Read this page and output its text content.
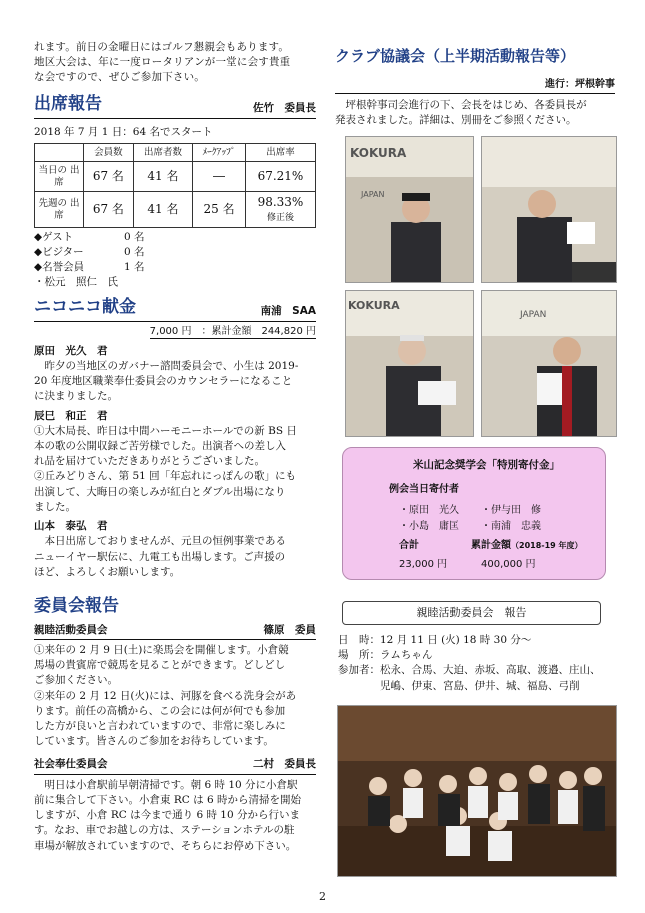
れます。前日の金曜日にはゴルフ懇親会もあります。

地区大会は、年に一度ロータリアンが一堂に会す貴重

な会ですので、ぜひご参加下さい。

出席報告	佐竹　委員長
2018 年 7 月 1 日：64 名でスタート
	会員数	出席者数	ﾒｰｸｱｯﾌﾟ	出席率
当日の 出席	67 名	41 名	―	67.21%
先週の 出席	67 名	41 名	25 名	98.33%
修正後
◆ゲスト	0 名
◆ビジター	0 名
◆名誉会員	1 名
・松元　照仁　氏
ニコニコ献金	南浦　SAA
7,000 円　：累計金額　244,820 円
原田　光久　君
昨夕の当地区のガバナー諮問委員会で、小生は 2019-
20 年度地区職業奉仕委員会のカウンセラーになること
に決まりました。
辰巳　和正　君

①大木局長、昨日は中間ハーモニーホールでの新 BS 日

本の歌の公開収録ご苦労様でした。出演者への差し入

れ品を届けていただきありがとうございました。

②丘みどりさん、第 51 回「年忘れにっぽんの歌」にも

出演して、大晦日の楽しみが紅白とダブル出場になり

ました。

山本　泰弘　君
本日出席しておりませんが、元旦の恒例事業である
ニューイヤー駅伝に、九電工も出場します。ご声援の
ほど、よろしくお願いします。
委員会報告
親睦活動委員会	篠原　委員

①来年の 2 月 9 日(土)に楽馬会を開催します。小倉競

馬場の貴賓席で競馬を見ることができます。どしどし

ご参加ください。

②来年の 2 月 12 日(火)には、河豚を食べる洗身会があ

ります。前任の高橋から、この会には何が何でも参加

した方が良いと言われていますので、非常に楽しみに

しています。皆さんのご参加をお待ちしています。

社会奉仕委員会	二村　委員長
明日は小倉駅前早朝清掃です。朝 6 時 10 分に小倉駅
前に集合して下さい。小倉東 RC は 6 時から清掃を開始
しますが、小倉 RC は今まで通り 6 時 10 分から行いま
す。なお、車でお越しの方は、ステーションホテルの駐
車場が解放されていますので、そちらにお停め下さい。
クラブ協議会（上半期活動報告等）
進行：坪根幹事
坪根幹事司会進行の下、会長をはじめ、各委員長が
発表されました。詳細は、別冊をご参照ください。
KOKURA
JAPAN
KOKURA
JAPAN
米山記念奨学会「特別寄付金」
例会当日寄付者
・原田　光久 ・伊与田　修
・小島　庸匡 ・南浦　忠義
合計	累計金額（2018-19 年度）
23,000 円	400,000 円
親睦活動委員会　報告

日　時：12 月 11 日 (火) 18 時 30 分～

場　所：ラムちゃん

参加者：松永、合馬、大迫、赤坂、高取、渡邉、庄山、

児嶋、伊東、宮島、伊井、城、福島、弓削

2
